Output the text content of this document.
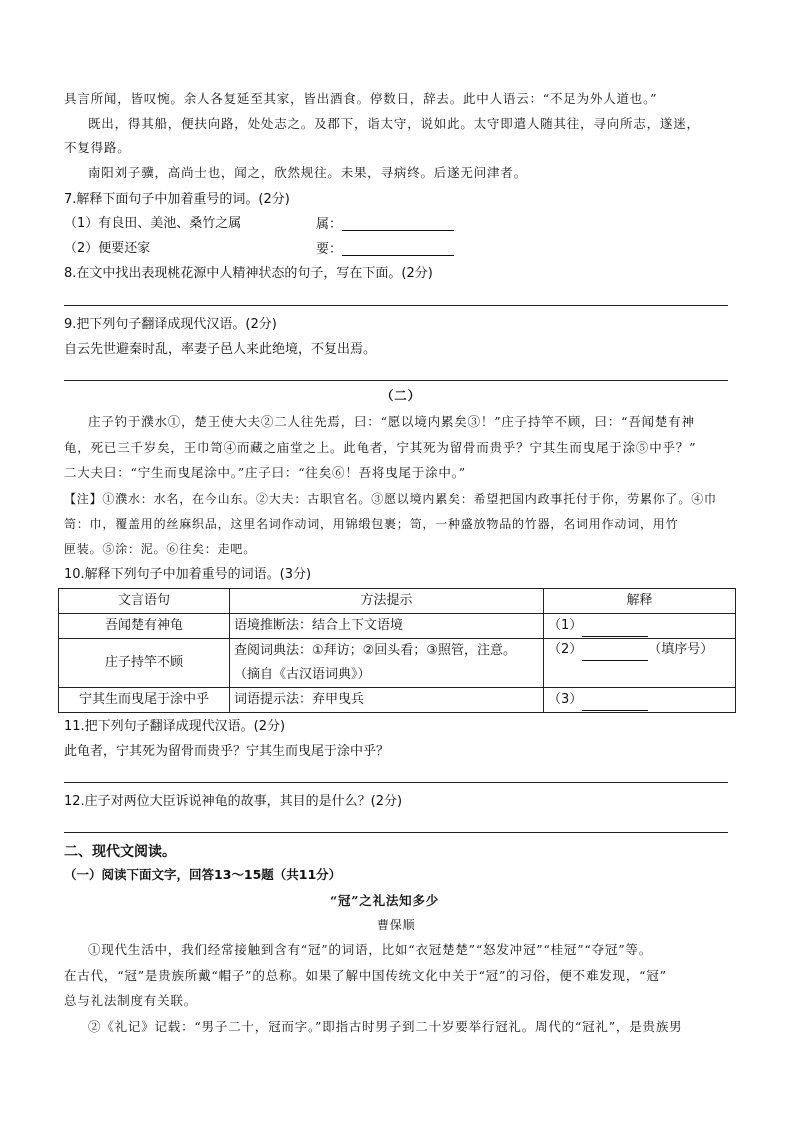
具言所闻，皆叹惋。余人各复延至其家，皆出酒食。停数日，辞去。此中人语云：“不足为外人道也。”
既出，得其船，便扶向路，处处志之。及郡下，诣太守，说如此。太守即遣人随其往，寻向所志，遂迷，
不复得路。
南阳刘子骥，高尚士也，闻之，欣然规往。未果，寻病终。后遂无问津者。
7.解释下面句子中加着重号的词。(2分)
（1）有良田、美池、桑竹之属	属：
（2）便要还家	要：
8.在文中找出表现桃花源中人精神状态的句子，写在下面。(2分)
9.把下列句子翻译成现代汉语。(2分)
自云先世避秦时乱，率妻子邑人来此绝境，不复出焉。
（二）
庄子钓于濮水①，楚王使大夫②二人往先焉，曰：“愿以境内累矣③！”庄子持竿不顾，曰：“吾闻楚有神
龟，死已三千岁矣，王巾笥④而藏之庙堂之上。此龟者，宁其死为留骨而贵乎？宁其生而曳尾于涂⑤中乎？”
二大夫曰：“宁生而曳尾涂中。”庄子曰：“往矣⑥！吾将曳尾于涂中。”
【注】①濮水：水名，在今山东。②大夫：古职官名。③愿以境内累矣：希望把国内政事托付于你，劳累你了。④巾
笥：巾，覆盖用的丝麻织品，这里名词作动词，用锦缎包裹；笥，一种盛放物品的竹器，名词用作动词，用竹
匣装。⑤涂：泥。⑥往矣：走吧。
10.解释下列句子中加着重号的词语。(3分)
文言语句	方法提示	解释
吾闻楚有神龟	语境推断法：结合上下文语境	（1）
庄子持竿不顾	查阅词典法：①拜访；②回头看；③照管，注意。	（2） （填序号）
	（摘自《古汉语词典》）	
宁其生而曳尾于涂中乎	词语提示法：弃甲曳兵	（3）
11.把下列句子翻译成现代汉语。(2分)
此龟者，宁其死为留骨而贵乎？宁其生而曳尾于涂中乎？
12.庄子对两位大臣诉说神龟的故事，其目的是什么？(2分)
二、现代文阅读。
（一）阅读下面文字，回答13～15题（共11分）
“冠”之礼法知多少
曹保顺
①现代生活中，我们经常接触到含有“冠”的词语，比如“衣冠楚楚”“怒发冲冠”“桂冠”“夺冠”等。
在古代，“冠”是贵族所戴“帽子”的总称。如果了解中国传统文化中关于“冠”的习俗，便不难发现，“冠”
总与礼法制度有关联。
②《礼记》记载：“男子二十，冠而字。”即指古时男子到二十岁要举行冠礼。周代的“冠礼”，是贵族男
